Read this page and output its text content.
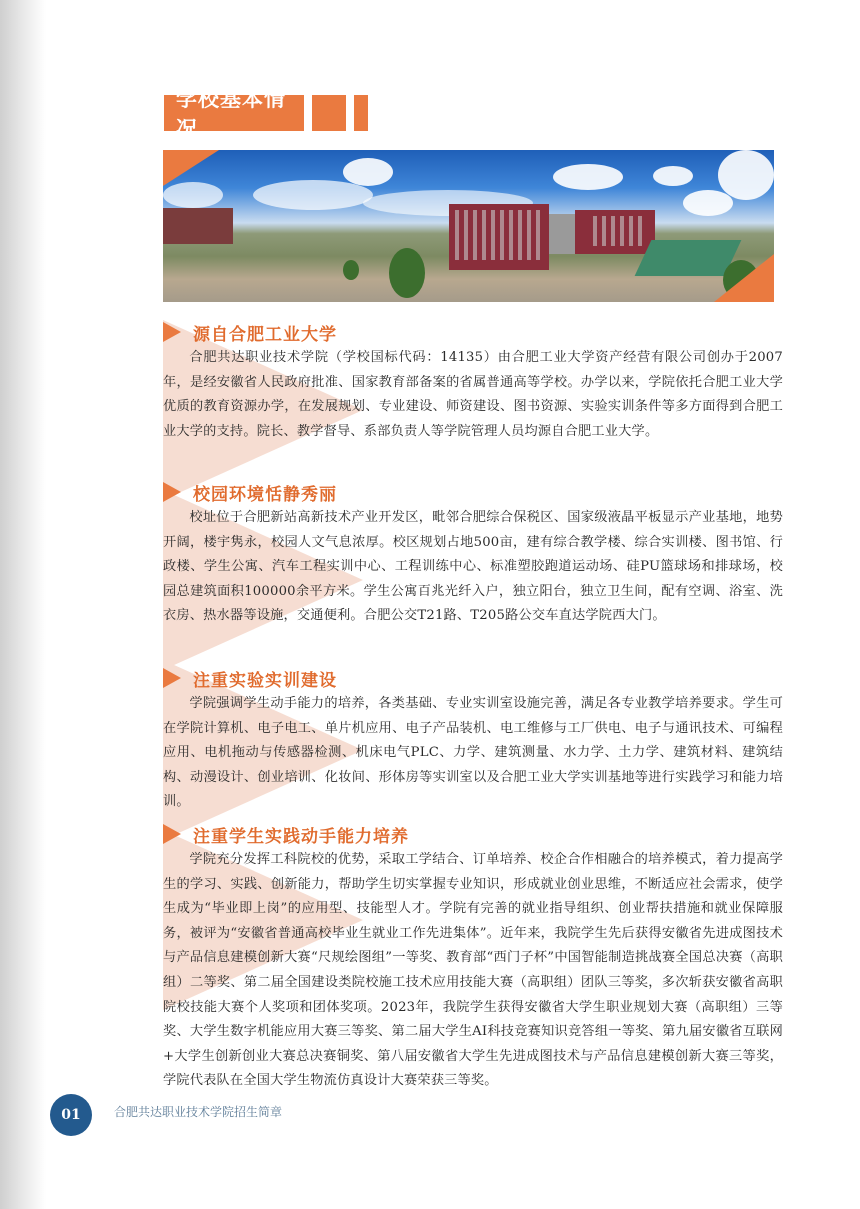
学校基本情况
源自合肥工业大学

合肥共达职业技术学院（学校国标代码：14135）由合肥工业大学资产经营有限公司创办于2007年，是经安徽省人民政府批准、国家教育部备案的省属普通高等学校。办学以来，学院依托合肥工业大学优质的教育资源办学，在发展规划、专业建设、师资建设、图书资源、实验实训条件等多方面得到合肥工业大学的支持。院长、教学督导、系部负责人等学院管理人员均源自合肥工业大学。

校园环境恬静秀丽

校址位于合肥新站高新技术产业开发区，毗邻合肥综合保税区、国家级液晶平板显示产业基地，地势开阔，楼宇隽永，校园人文气息浓厚。校区规划占地500亩，建有综合教学楼、综合实训楼、图书馆、行政楼、学生公寓、汽车工程实训中心、工程训练中心、标准塑胶跑道运动场、硅PU篮球场和排球场，校园总建筑面积100000余平方米。学生公寓百兆光纤入户，独立阳台，独立卫生间，配有空调、浴室、洗衣房、热水器等设施，交通便利。合肥公交T21路、T205路公交车直达学院西大门。

注重实验实训建设

学院强调学生动手能力的培养，各类基础、专业实训室设施完善，满足各专业教学培养要求。学生可在学院计算机、电子电工、单片机应用、电子产品装机、电工维修与工厂供电、电子与通讯技术、可编程应用、电机拖动与传感器检测、机床电气PLC、力学、建筑测量、水力学、土力学、建筑材料、建筑结构、动漫设计、创业培训、化妆间、形体房等实训室以及合肥工业大学实训基地等进行实践学习和能力培训。

注重学生实践动手能力培养

学院充分发挥工科院校的优势，采取工学结合、订单培养、校企合作相融合的培养模式，着力提高学生的学习、实践、创新能力，帮助学生切实掌握专业知识，形成就业创业思维，不断适应社会需求，使学生成为“毕业即上岗”的应用型、技能型人才。学院有完善的就业指导组织、创业帮扶措施和就业保障服务，被评为“安徽省普通高校毕业生就业工作先进集体”。近年来，我院学生先后获得安徽省先进成图技术与产品信息建模创新大赛“尺规绘图组”一等奖、教育部“西门子杯”中国智能制造挑战赛全国总决赛（高职组）二等奖、第二届全国建设类院校施工技术应用技能大赛（高职组）团队三等奖，多次斩获安徽省高职院校技能大赛个人奖项和团体奖项。2023年，我院学生获得安徽省大学生职业规划大赛（高职组）三等奖、大学生数字机能应用大赛三等奖、第二届大学生AI科技竞赛知识竞答组一等奖、第九届安徽省互联网+大学生创新创业大赛总决赛铜奖、第八届安徽省大学生先进成图技术与产品信息建模创新大赛三等奖，学院代表队在全国大学生物流仿真设计大赛荣获三等奖。

01	合肥共达职业技术学院招生简章
